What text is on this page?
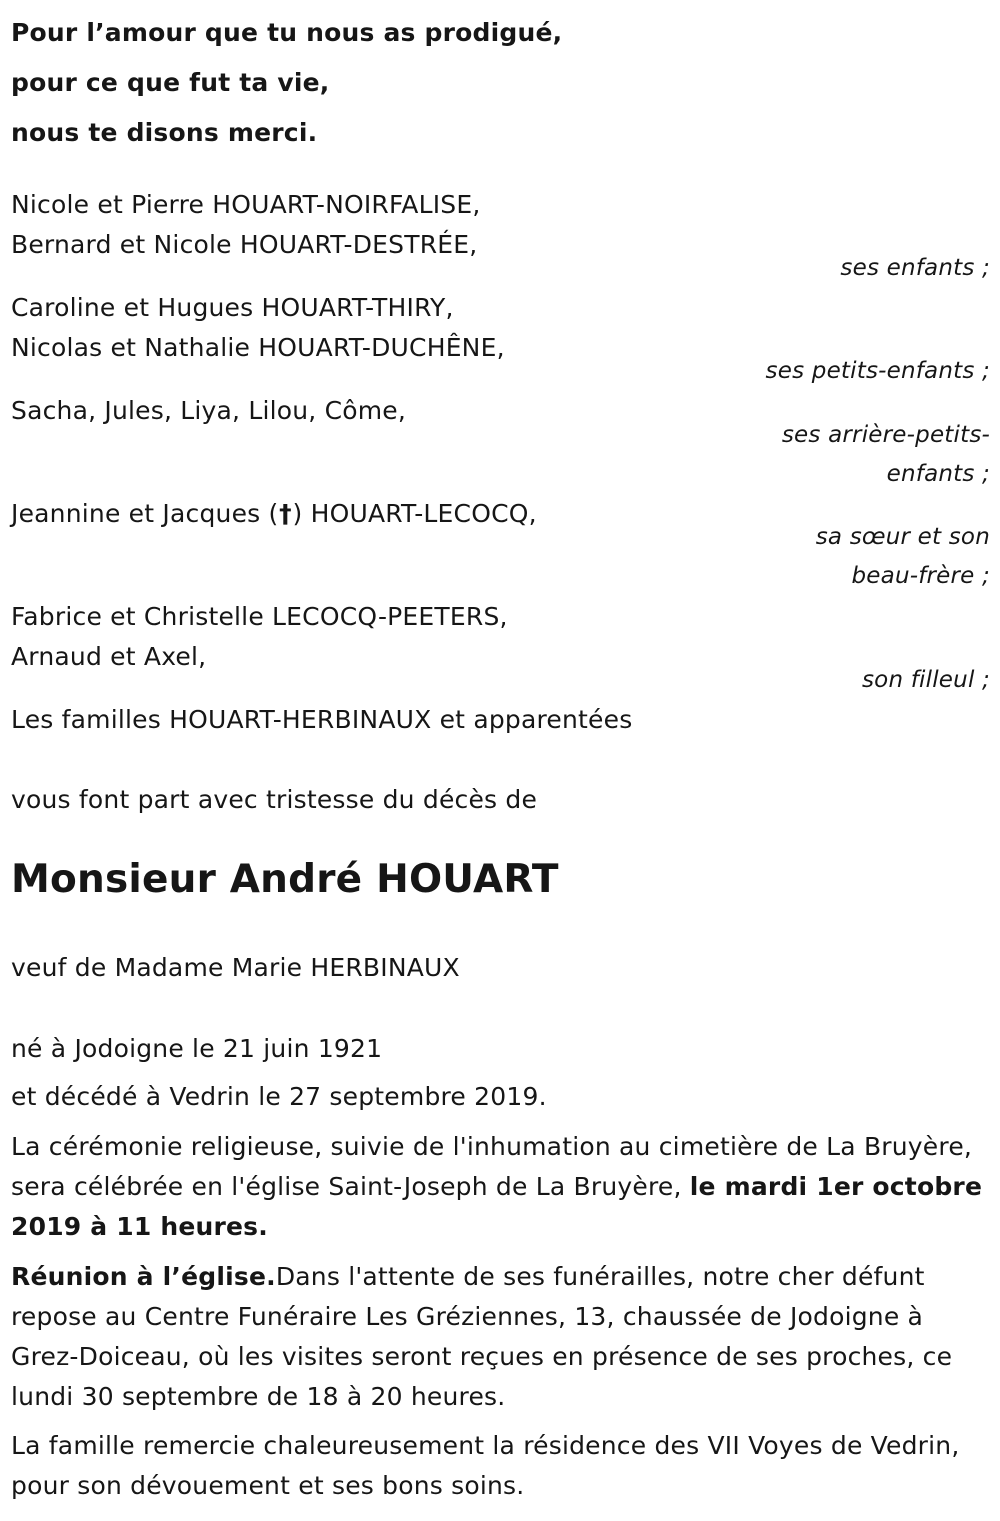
Pour l’amour que tu nous as prodigué,
pour ce que fut ta vie,
nous te disons merci.
Nicole et Pierre HOUART-NOIRFALISE,
Bernard et Nicole HOUART-DESTRÉE,
ses enfants ;
Caroline et Hugues HOUART-THIRY,
Nicolas et Nathalie HOUART-DUCHÊNE,
ses petits-enfants ;
Sacha, Jules, Liya, Lilou, Côme,
ses arrière-petits-
enfants ;
Jeannine et Jacques (†) HOUART-LECOCQ,
sa sœur et son
beau-frère ;
Fabrice et Christelle LECOCQ-PEETERS,
Arnaud et Axel,
son filleul ;
Les familles HOUART-HERBINAUX et apparentées
vous font part avec tristesse du décès de
Monsieur André HOUART
veuf de Madame Marie HERBINAUX
né à Jodoigne le 21 juin 1921
et décédé à Vedrin le 27 septembre 2019.
La cérémonie religieuse, suivie de l'inhumation au cimetière de La Bruyère, sera célébrée en l'église Saint-Joseph de La Bruyère, le mardi 1er octobre 2019 à 11 heures.
Réunion à l’église.Dans l'attente de ses funérailles, notre cher défunt repose au Centre Funéraire Les Gréziennes, 13, chaussée de Jodoigne à Grez-Doiceau, où les visites seront reçues en présence de ses proches, ce lundi 30 septembre de 18 à 20 heures.
La famille remercie chaleureusement la résidence des VII Voyes de Vedrin, pour son dévouement et ses bons soins.
